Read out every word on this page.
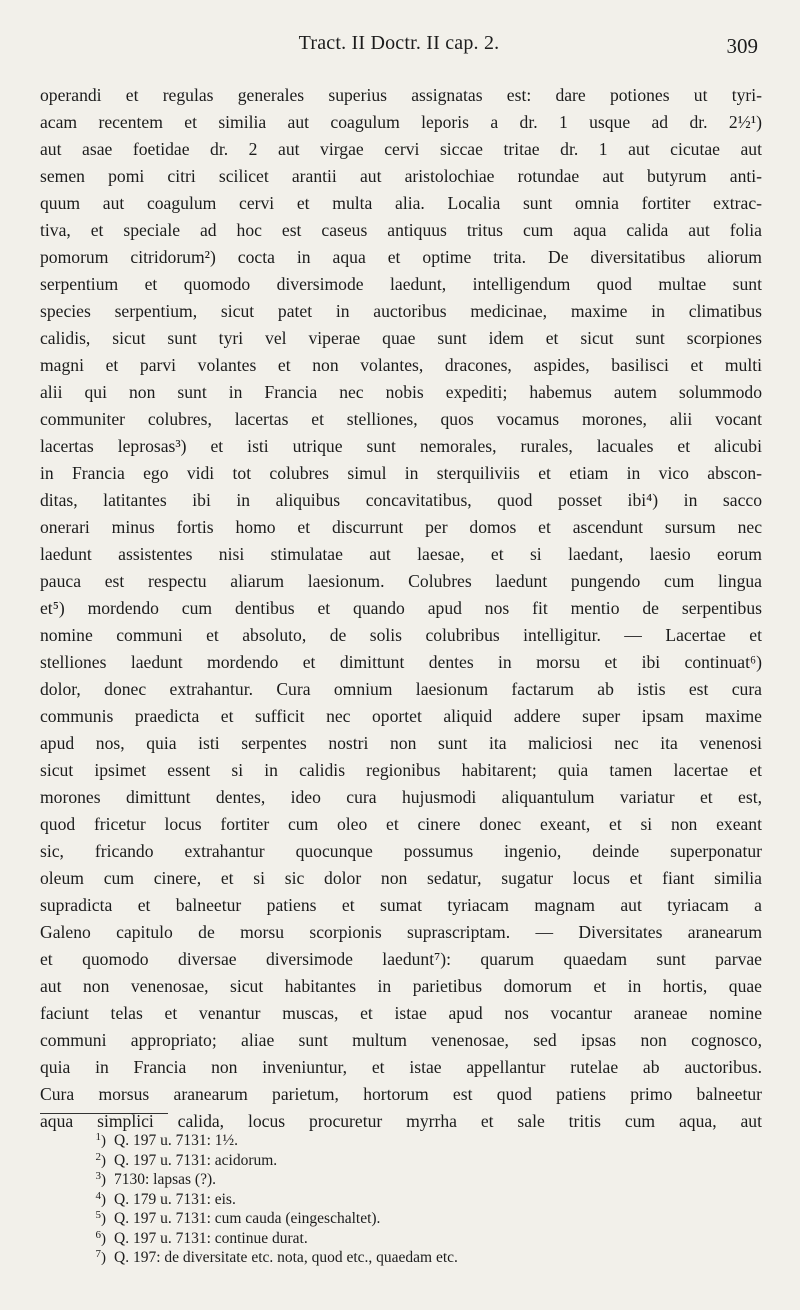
Tract. II Doctr. II cap. 2.	309
operandi et regulas generales superius assignatas est: dare potiones ut tyri-
acam recentem et similia aut coagulum leporis a dr. 1 usque ad dr. 2½¹)
aut asae foetidae dr. 2 aut virgae cervi siccae tritae dr. 1 aut cicutae aut
semen pomi citri scilicet arantii aut aristolochiae rotundae aut butyrum anti-
quum aut coagulum cervi et multa alia. Localia sunt omnia fortiter extrac-
tiva, et speciale ad hoc est caseus antiquus tritus cum aqua calida aut folia
pomorum citridorum²) cocta in aqua et optime trita. De diversitatibus aliorum
serpentium et quomodo diversimode laedunt, intelligendum quod multae sunt
species serpentium, sicut patet in auctoribus medicinae, maxime in climatibus
calidis, sicut sunt tyri vel viperae quae sunt idem et sicut sunt scorpiones
magni et parvi volantes et non volantes, dracones, aspides, basilisci et multi
alii qui non sunt in Francia nec nobis expediti; habemus autem solummodo
communiter colubres, lacertas et stelliones, quos vocamus morones, alii vocant
lacertas leprosas³) et isti utrique sunt nemorales, rurales, lacuales et alicubi
in Francia ego vidi tot colubres simul in sterquiliviis et etiam in vico abscon-
ditas, latitantes ibi in aliquibus concavitatibus, quod posset ibi⁴) in sacco
onerari minus fortis homo et discurrunt per domos et ascendunt sursum nec
laedunt assistentes nisi stimulatae aut laesae, et si laedant, laesio eorum
pauca est respectu aliarum laesionum. Colubres laedunt pungendo cum lingua
et⁵) mordendo cum dentibus et quando apud nos fit mentio de serpentibus
nomine communi et absoluto, de solis colubribus intelligitur. — Lacertae et
stelliones laedunt mordendo et dimittunt dentes in morsu et ibi continuat⁶)
dolor, donec extrahantur. Cura omnium laesionum factarum ab istis est cura
communis praedicta et sufficit nec oportet aliquid addere super ipsam maxime
apud nos, quia isti serpentes nostri non sunt ita maliciosi nec ita venenosi
sicut ipsimet essent si in calidis regionibus habitarent; quia tamen lacertae et
morones dimittunt dentes, ideo cura hujusmodi aliquantulum variatur et est,
quod fricetur locus fortiter cum oleo et cinere donec exeant, et si non exeant
sic, fricando extrahantur quocunque possumus ingenio, deinde superponatur
oleum cum cinere, et si sic dolor non sedatur, sugatur locus et fiant similia
supradicta et balneetur patiens et sumat tyriacam magnam aut tyriacam a
Galeno capitulo de morsu scorpionis suprascriptam. — Diversitates aranearum
et quomodo diversae diversimode laedunt⁷): quarum quaedam sunt parvae
aut non venenosae, sicut habitantes in parietibus domorum et in hortis, quae
faciunt telas et venantur muscas, et istae apud nos vocantur araneae nomine
communi appropriato; aliae sunt multum venenosae, sed ipsas non cognosco,
quia in Francia non inveniuntur, et istae appellantur rutelae ab auctoribus.
Cura morsus aranearum parietum, hortorum est quod patiens primo balneetur
aqua simplici calida, locus procuretur myrrha et sale tritis cum aqua, aut
1 ) Q. 197 u. 7131: 1½.
2 ) Q. 197 u. 7131: acidorum.
3 ) 7130: lapsas (?).
4 ) Q. 179 u. 7131: eis.
5 ) Q. 197 u. 7131: cum cauda (eingeschaltet).
6 ) Q. 197 u. 7131: continue durat.
7 ) Q. 197: de diversitate etc. nota, quod etc., quaedam etc.
